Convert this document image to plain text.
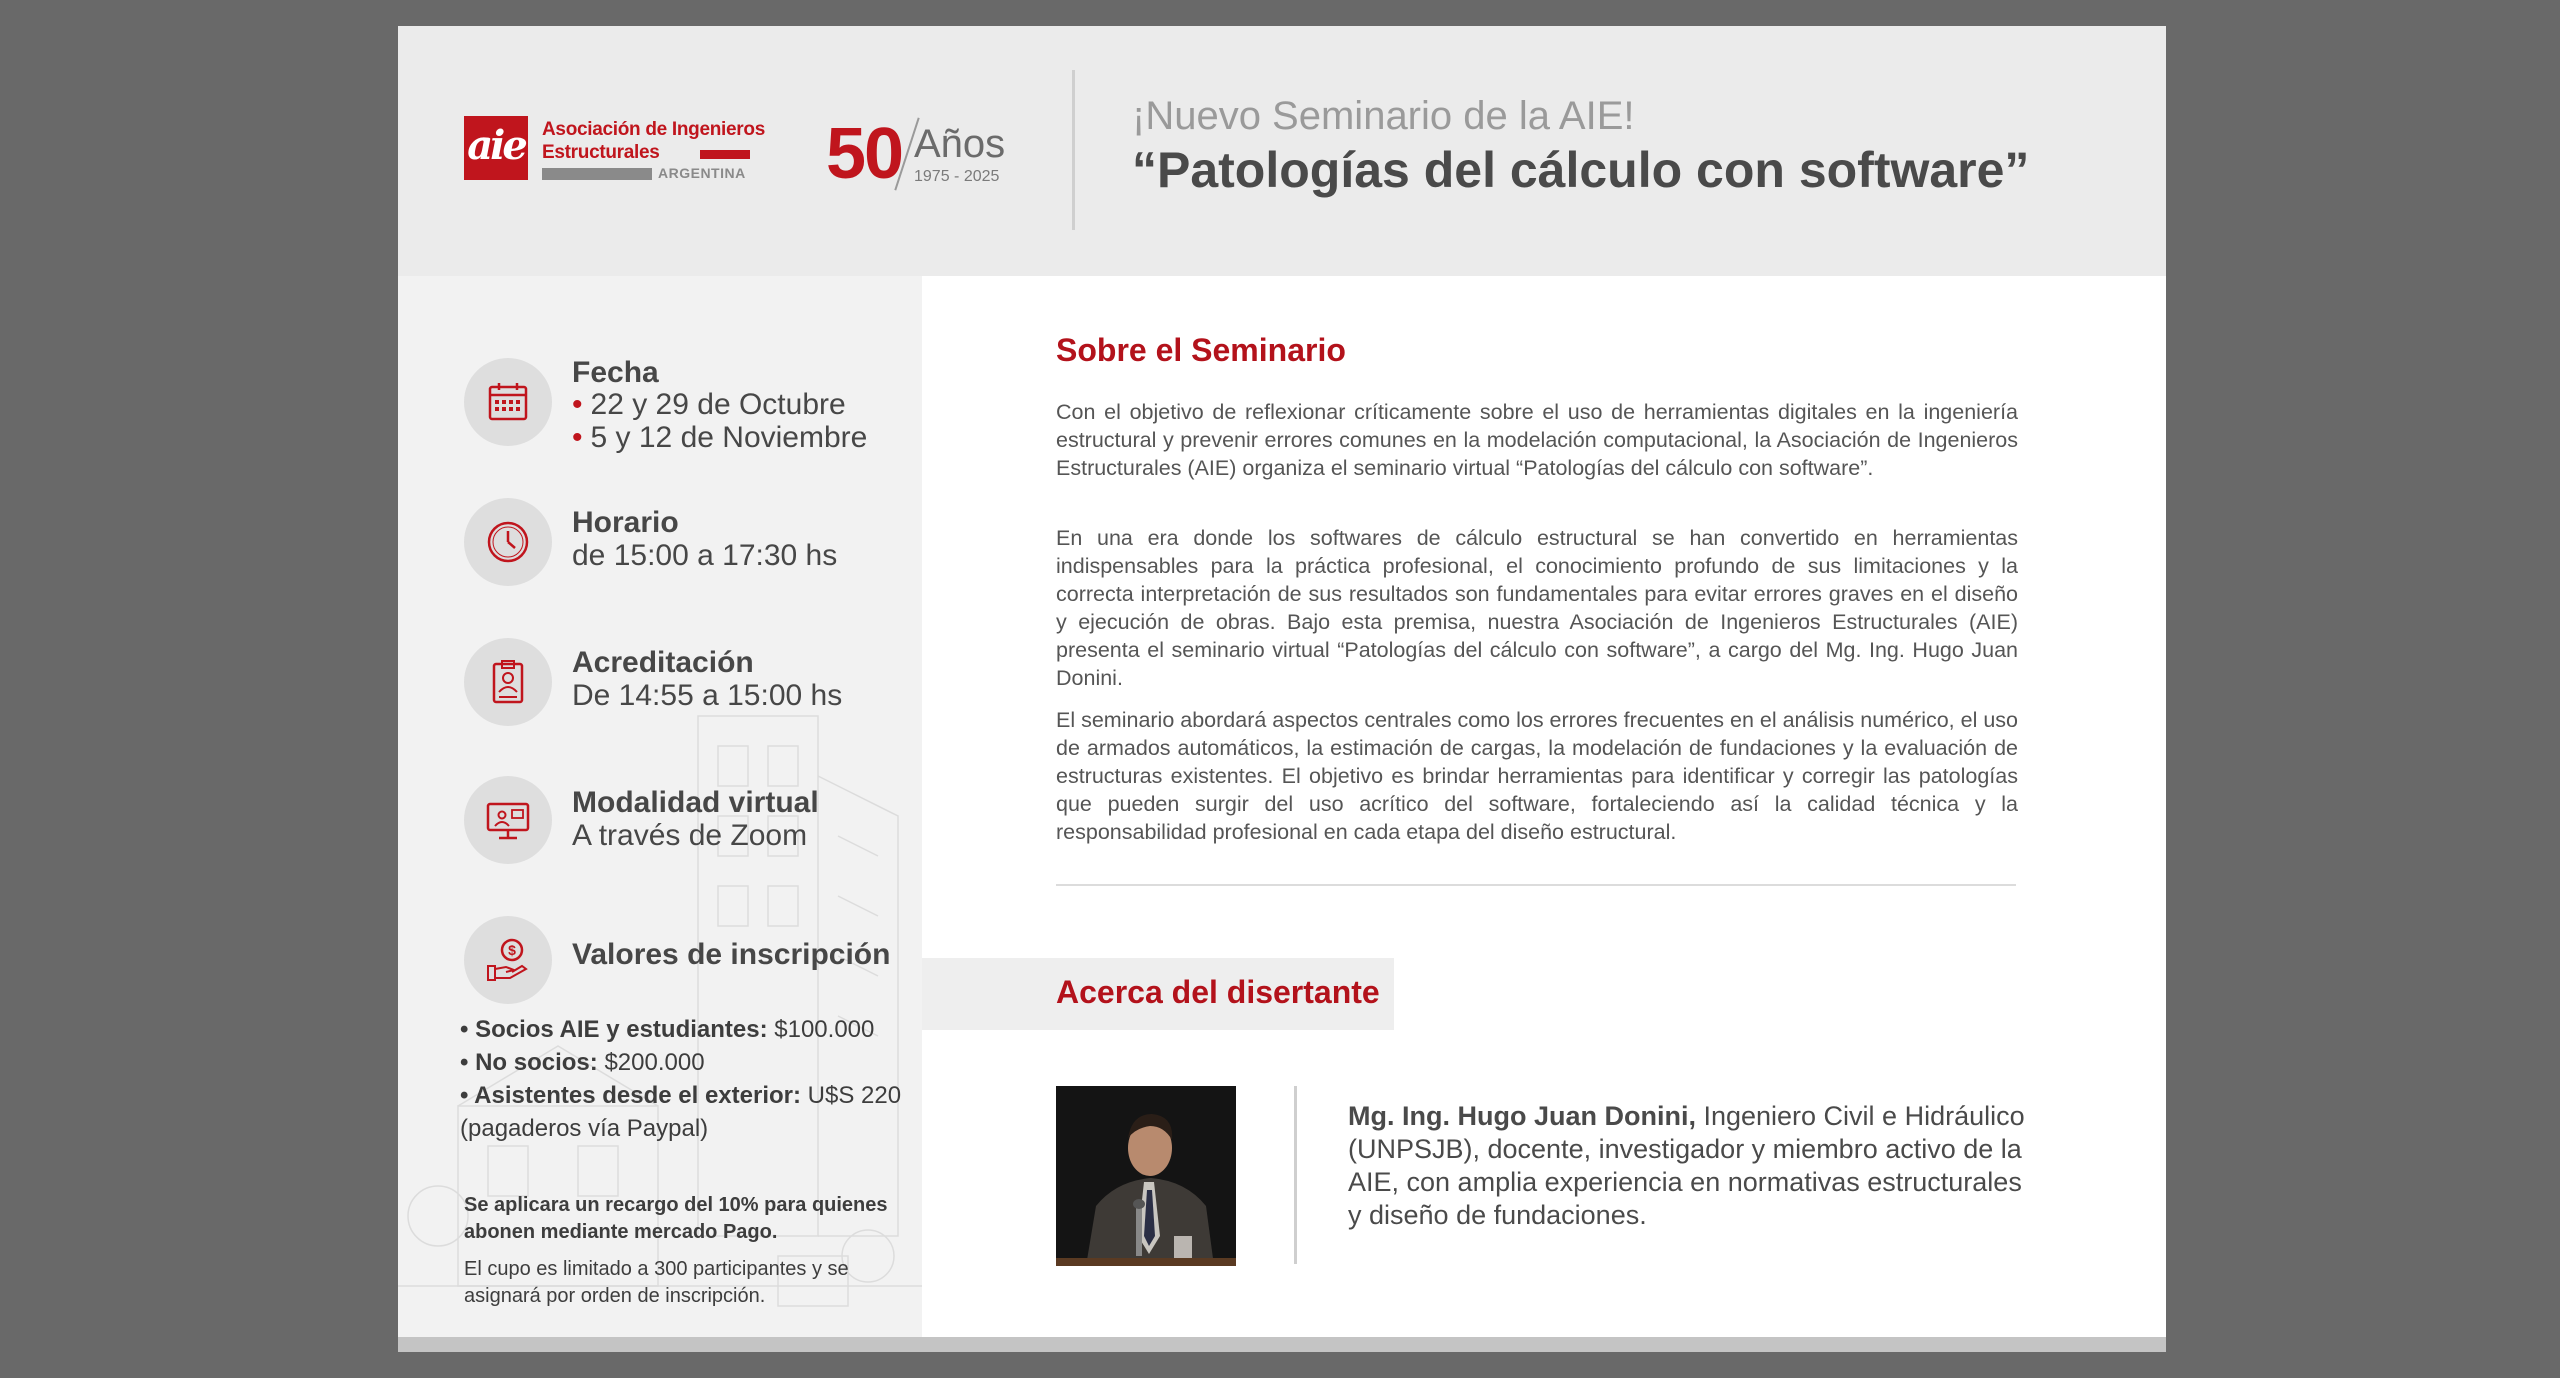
aie Asociación de Ingenieros
Estructurales
ARGENTINA 50 Años
1975 - 2025
¡Nuevo Seminario de la AIE!
“Patologías del cálculo con software”
Fecha
• 22 y 29 de Octubre
• 5 y 12 de Noviembre
Horario
de 15:00 a 17:30 hs
Acreditación
De 14:55 a 15:00 hs
Modalidad virtual
A través de Zoom
$ Valores de inscripción
• Socios AIE y estudiantes: $100.000
• No socios: $200.000
• Asistentes desde el exterior: U$S 220
(pagaderos vía Paypal)
Se aplicara un recargo del 10% para quienes abonen mediante mercado Pago.
El cupo es limitado a 300 participantes y se asignará por orden de inscripción.
Sobre el Seminario

Con el objetivo de reflexionar críticamente sobre el uso de herramientas digitales en la ingeniería estructural y prevenir errores comunes en la modelación computacional, la Asociación de Ingenieros Estructurales (AIE) organiza el seminario virtual “Patologías del cálculo con software”.

En una era donde los softwares de cálculo estructural se han convertido en herramientas indispensables para la práctica profesional, el conocimiento profundo de sus limitaciones y la correcta interpretación de sus resultados son fundamentales para evitar errores graves en el diseño y ejecución de obras. Bajo esta premisa, nuestra Asociación de Ingenieros Estructurales (AIE) presenta el seminario virtual “Patologías del cálculo con software”, a cargo del Mg. Ing. Hugo Juan Donini.

El seminario abordará aspectos centrales como los errores frecuentes en el análisis numérico, el uso de armados automáticos, la estimación de cargas, la modelación de fundaciones y la evaluación de estructuras existentes. El objetivo es brindar herramientas para identificar y corregir las patologías que pueden surgir del uso acrítico del software, fortaleciendo así la calidad técnica y la responsabilidad profesional en cada etapa del diseño estructural.

Acerca del disertante

Mg. Ing. Hugo Juan Donini, Ingeniero Civil e Hidráulico (UNPSJB), docente, investigador y miembro activo de la AIE, con amplia experiencia en normativas estructurales y diseño de fundaciones.
